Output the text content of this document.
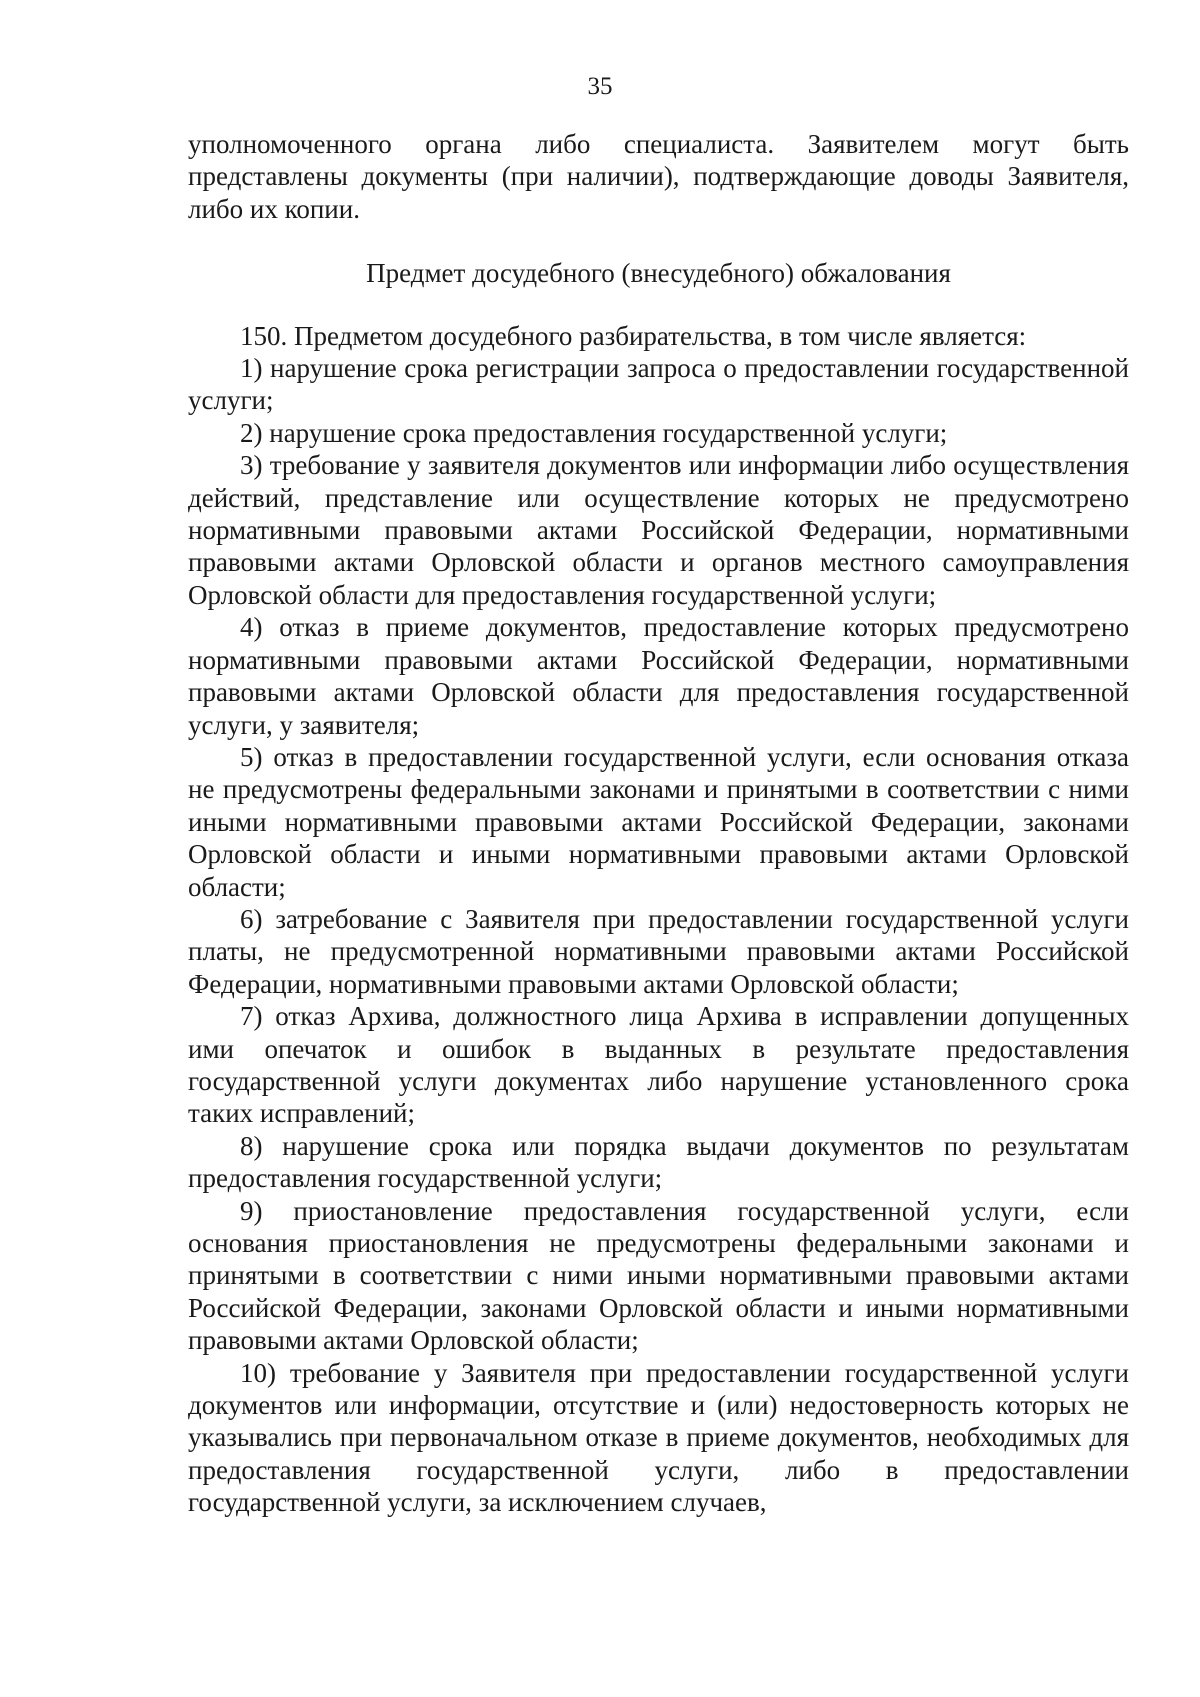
35

уполномоченного органа либо специалиста. Заявителем могут быть представлены документы (при наличии), подтверждающие доводы Заявителя, либо их копии.

Предмет досудебного (внесудебного) обжалования

150. Предметом досудебного разбирательства, в том числе является:

1) нарушение срока регистрации запроса о предоставлении государственной услуги;

2) нарушение срока предоставления государственной услуги;

3) требование у заявителя документов или информации либо осуществления действий, представление или осуществление которых не предусмотрено нормативными правовыми актами Российской Федерации, нормативными правовыми актами Орловской области и органов местного самоуправления Орловской области для предоставления государственной услуги;

4) отказ в приеме документов, предоставление которых предусмотрено нормативными правовыми актами Российской Федерации, нормативными правовыми актами Орловской области для предоставления государственной услуги, у заявителя;

5) отказ в предоставлении государственной услуги, если основания отказа не предусмотрены федеральными законами и принятыми в соответствии с ними иными нормативными правовыми актами Российской Федерации, законами Орловской области и иными нормативными правовыми актами Орловской области;

6) затребование с Заявителя при предоставлении государственной услуги платы, не предусмотренной нормативными правовыми актами Российской Федерации, нормативными правовыми актами Орловской области;

7) отказ Архива, должностного лица Архива в исправлении допущенных ими опечаток и ошибок в выданных в результате предоставления государственной услуги документах либо нарушение установленного срока таких исправлений;

8) нарушение срока или порядка выдачи документов по результатам предоставления государственной услуги;

9) приостановление предоставления государственной услуги, если основания приостановления не предусмотрены федеральными законами и принятыми в соответствии с ними иными нормативными правовыми актами Российской Федерации, законами Орловской области и иными нормативными правовыми актами Орловской области;

10) требование у Заявителя при предоставлении государственной услуги документов или информации, отсутствие и (или) недостоверность которых не указывались при первоначальном отказе в приеме документов, необходимых для предоставления государственной услуги, либо в предоставлении государственной услуги, за исключением случаев,
